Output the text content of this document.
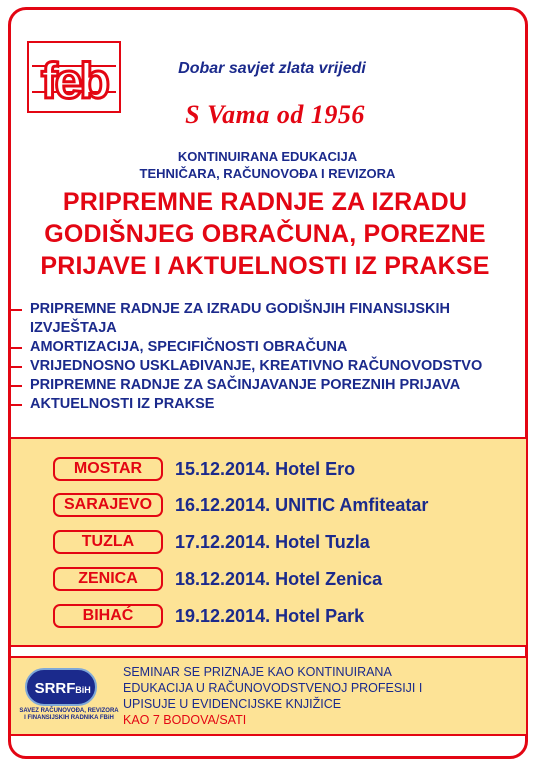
feb	Dobar savjet zlata vrijedi
S Vama od 1956
KONTINUIRANA EDUKACIJA
TEHNIČARA, RAČUNOVOĐA I REVIZORA
PRIPREMNE RADNJE ZA IZRADU
GODIŠNJEG OBRAČUNA, POREZNE
PRIJAVE I AKTUELNOSTI IZ PRAKSE
PRIPREMNE RADNJE ZA IZRADU GODIŠNJIH FINANSIJSKIH IZVJEŠTAJA
AMORTIZACIJA, SPECIFIČNOSTI OBRAČUNA
VRIJEDNOSNO USKLAĐIVANJE, KREATIVNO RAČUNOVODSTVO
PRIPREMNE RADNJE ZA SAČINJAVANJE POREZNIH PRIJAVA
AKTUELNOSTI IZ PRAKSE
MOSTAR	15.12.2014. Hotel Ero
SARAJEVO	16.12.2014. UNITIC Amfiteatar
TUZLA	17.12.2014. Hotel Tuzla
ZENICA	18.12.2014. Hotel Zenica
BIHAĆ	19.12.2014. Hotel Park
SRRF BiH
SAVEZ RAČUNOVOĐA, REVIZORA
I FINANSIJSKIH RADNIKA FBiH
SEMINAR SE PRIZNAJE KAO KONTINUIRANA
EDUKACIJA U RAČUNOVODSTVENOJ PROFESIJI I
UPISUJE U EVIDENCIJSKE KNJIŽICE
KAO 7 BODOVA/SATI
